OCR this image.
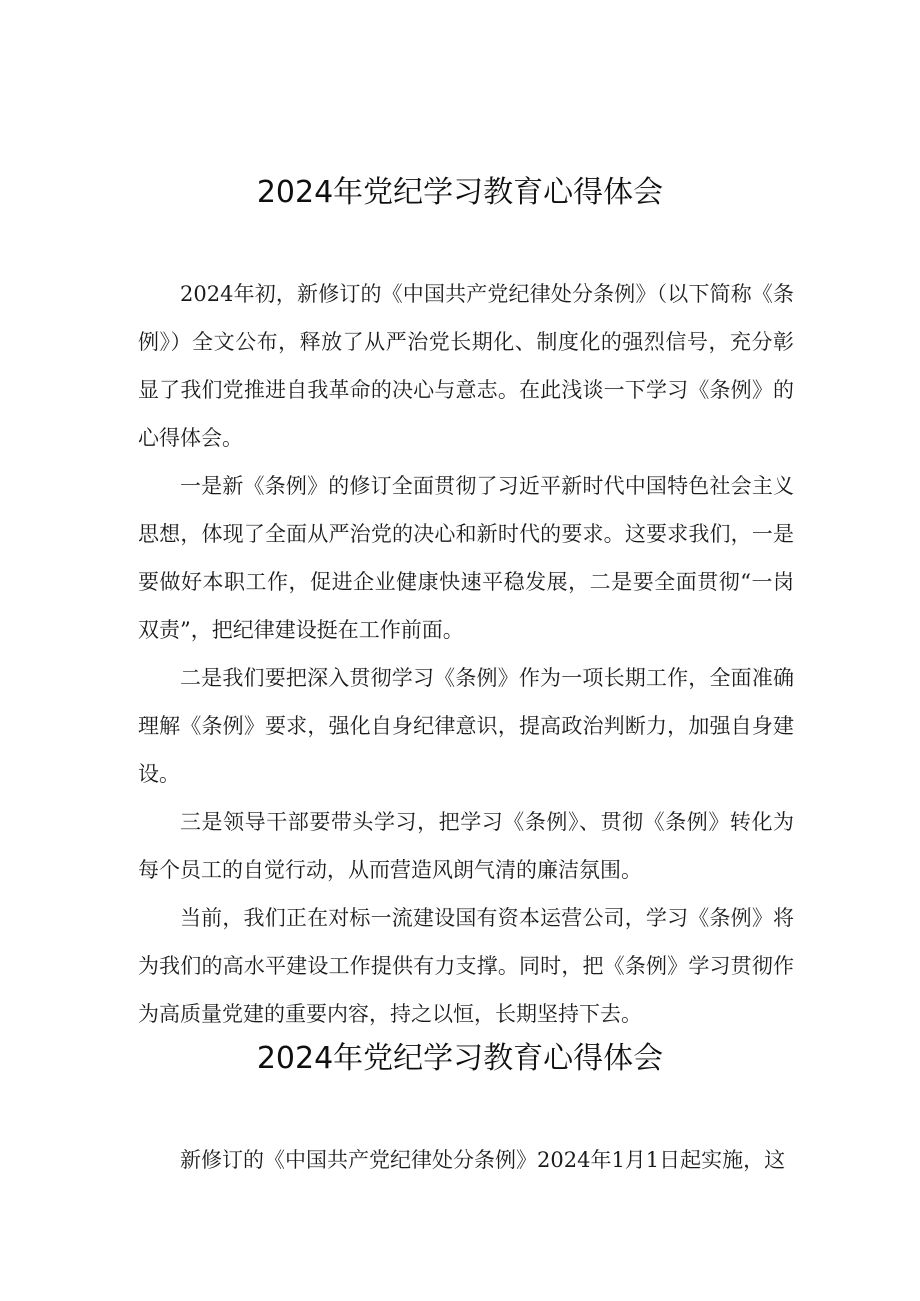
2024年党纪学习教育心得体会

2024年初，新修订的《中国共产党纪律处分条例》（以下简称《条例》）全文公布，释放了从严治党长期化、制度化的强烈信号，充分彰显了我们党推进自我革命的决心与意志。在此浅谈一下学习《条例》的心得体会。

一是新《条例》的修订全面贯彻了习近平新时代中国特色社会主义思想，体现了全面从严治党的决心和新时代的要求。这要求我们，一是要做好本职工作，促进企业健康快速平稳发展，二是要全面贯彻“一岗双责”，把纪律建设挺在工作前面。

二是我们要把深入贯彻学习《条例》作为一项长期工作，全面准确理解《条例》要求，强化自身纪律意识，提高政治判断力，加强自身建设。

三是领导干部要带头学习，把学习《条例》、贯彻《条例》转化为每个员工的自觉行动，从而营造风朗气清的廉洁氛围。

当前，我们正在对标一流建设国有资本运营公司，学习《条例》将为我们的高水平建设工作提供有力支撑。同时，把《条例》学习贯彻作为高质量党建的重要内容，持之以恒，长期坚持下去。

2024年党纪学习教育心得体会

新修订的《中国共产党纪律处分条例》2024年1月1日起实施，这
